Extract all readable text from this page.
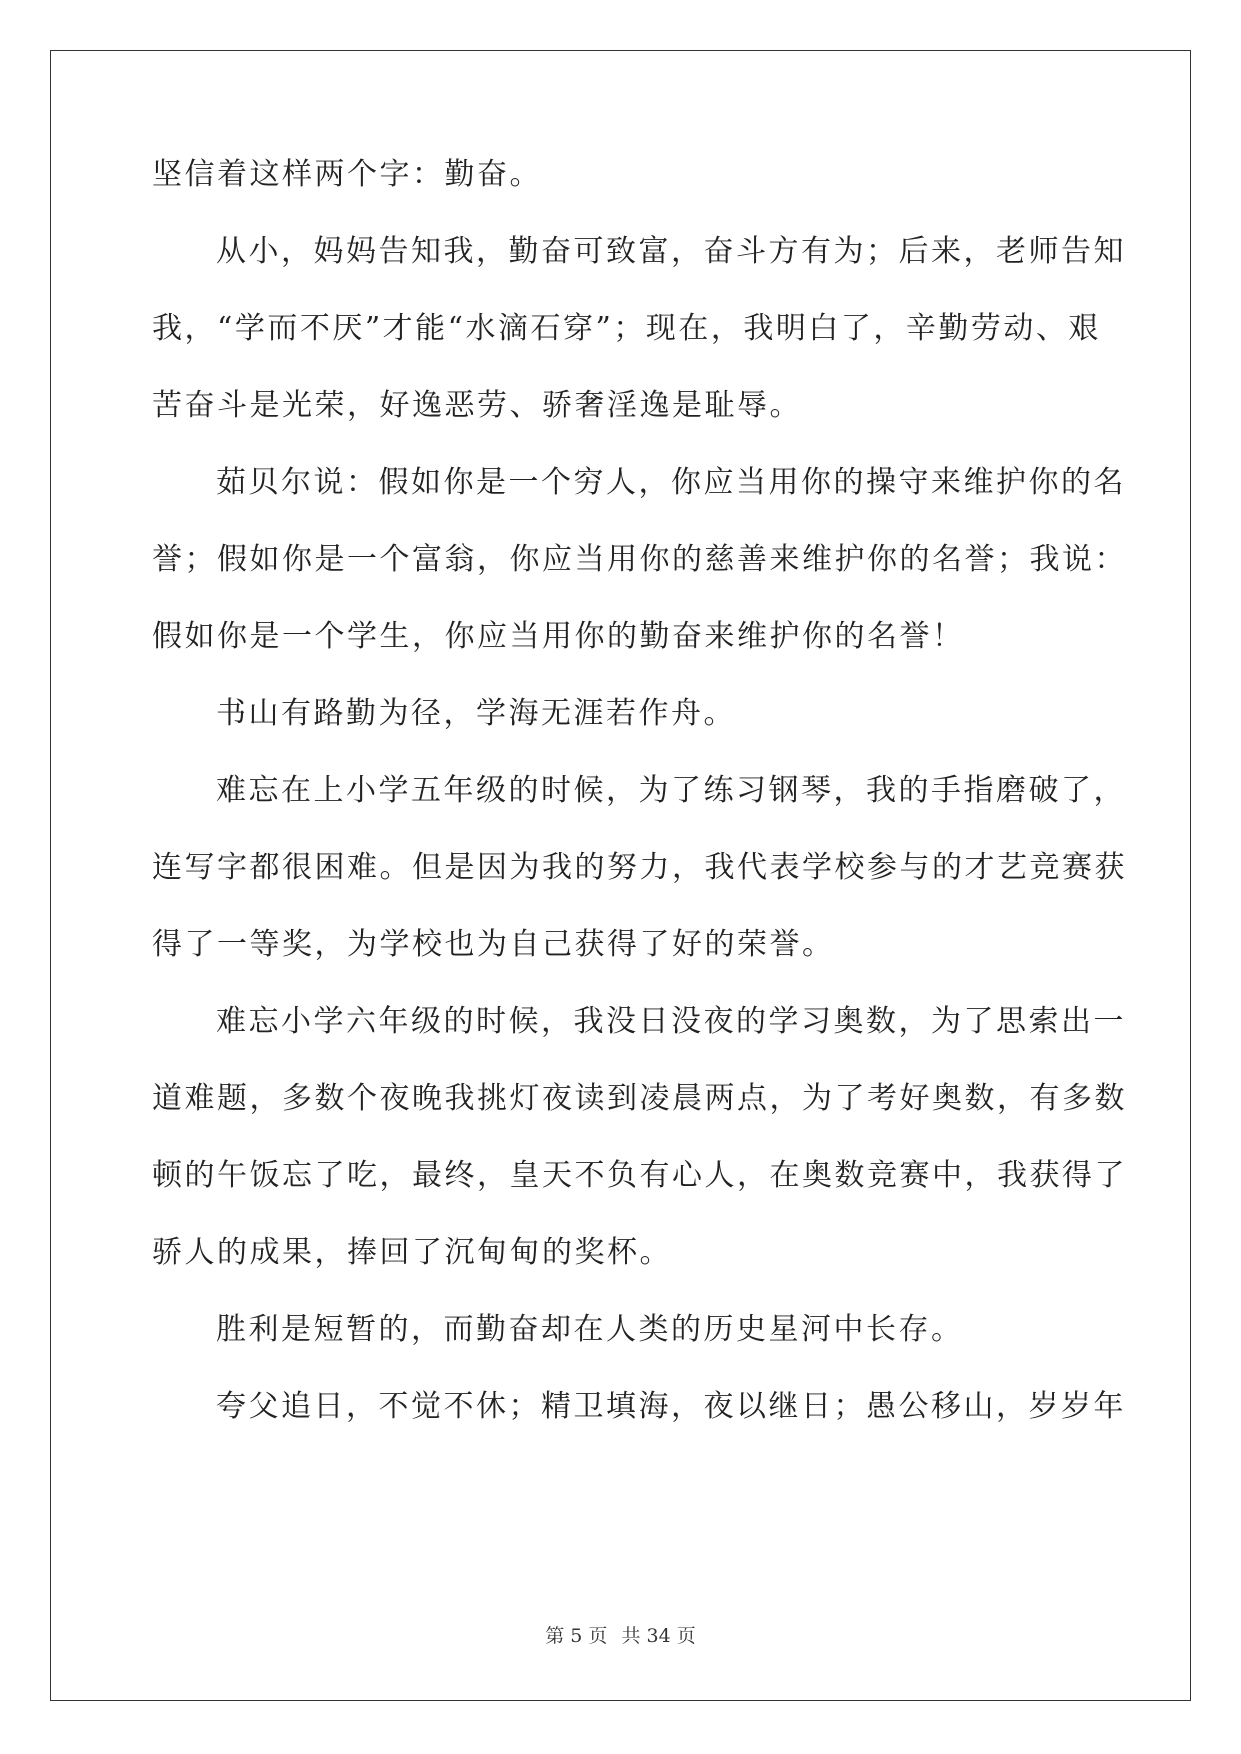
坚信着这样两个字：勤奋。
从小，妈妈告知我，勤奋可致富，奋斗方有为；后来，老师告知
我，“学而不厌”才能“水滴石穿”；现在，我明白了，辛勤劳动、艰
苦奋斗是光荣，好逸恶劳、骄奢淫逸是耻辱。
茹贝尔说：假如你是一个穷人，你应当用你的操守来维护你的名
誉；假如你是一个富翁，你应当用你的慈善来维护你的名誉；我说：
假如你是一个学生，你应当用你的勤奋来维护你的名誉！
书山有路勤为径，学海无涯若作舟。
难忘在上小学五年级的时候，为了练习钢琴，我的手指磨破了，
连写字都很困难。但是因为我的努力，我代表学校参与的才艺竞赛获
得了一等奖，为学校也为自己获得了好的荣誉。
难忘小学六年级的时候，我没日没夜的学习奥数，为了思索出一
道难题，多数个夜晚我挑灯夜读到凌晨两点，为了考好奥数，有多数
顿的午饭忘了吃，最终，皇天不负有心人，在奥数竞赛中，我获得了
骄人的成果，捧回了沉甸甸的奖杯。
胜利是短暂的，而勤奋却在人类的历史星河中长存。
夸父追日，不觉不休；精卫填海，夜以继日；愚公移山，岁岁年
第 5 页 共 34 页
